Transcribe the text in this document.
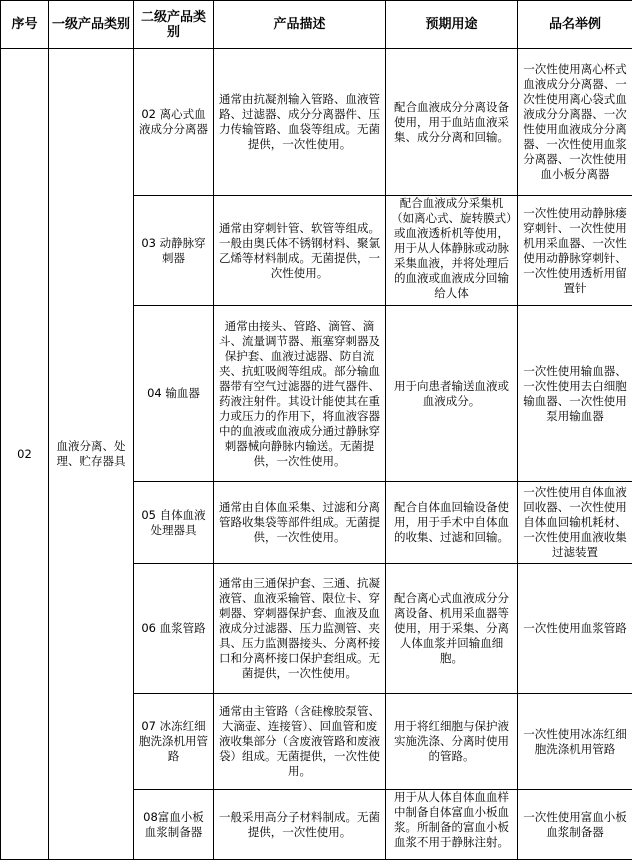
序号	一级产品类别	二级产品类别	产品描述	预期用途	品名举例
02	血液分离、处理、贮存器具	02 离心式血液成分分离器	通常由抗凝剂输入管路、血液管路、过滤器、成分分离器件、压力传输管路、血袋等组成。无菌提供，一次性使用。	配合血液成分分离设备使用，用于血站血液采集、成分分离和回输。	一次性使用离心杯式血液成分分离器、一次性使用离心袋式血液成分分离器、一次性使用血液成分分离器、一次性使用血浆分离器、一次性使用血小板分离器
		03 动静脉穿刺器	通常由穿刺针管、软管等组成。一般由奥氏体不锈钢材料、聚氯乙烯等材料制成。无菌提供，一次性使用。	配合血液成分采集机（如离心式、旋转膜式）或血液透析机等使用，用于从人体静脉或动脉采集血液，并将处理后的血液或血液成分回输给人体	一次性使用动静脉瘘穿刺针、一次性使用机用采血器、一次性使用动静脉穿刺针、一次性使用透析用留置针
		04 输血器	通常由接头、管路、滴管、滴斗、流量调节器、瓶塞穿刺器及保护套、血液过滤器、防自流夹、抗虹吸阀等组成。部分输血器带有空气过滤器的进气器件、药液注射件。其设计能使其在重力或压力的作用下，将血液容器中的血液或血液成分通过静脉穿刺器械向静脉内输送。无菌提供，一次性使用。	用于向患者输送血液或血液成分。	一次性使用输血器、一次性使用去白细胞输血器、一次性使用泵用输血器
		05 自体血液处理器具	通常由自体血采集、过滤和分离管路收集袋等部件组成。无菌提供，一次性使用。	配合自体血回输设备使用，用于手术中自体血的收集、过滤和回输。	一次性使用自体血液回收器、一次性使用自体血回输机耗材、一次性使用血液收集过滤装置
		06 血浆管路	通常由三通保护套、三通、抗凝液管、血液采输管、限位卡、穿刺器、穿刺器保护套、血液及血液成分过滤器、压力监测管、夹具、压力监测器接头、分离杯接口和分离杯接口保护套组成。无菌提供，一次性使用。	配合离心式血液成分分离设备、机用采血器等使用，用于采集、分离人体血浆并回输血细胞。	一次性使用血浆管路
		07 冰冻红细胞洗涤机用管路	通常由主管路（含硅橡胶泵管、大滴壶、连接管）、回血管和废液收集部分（含废液管路和废液袋）组成。无菌提供，一次性使用。	用于将红细胞与保护液实施洗涤、分离时使用的管路。	一次性使用冰冻红细胞洗涤机用管路
		08富血小板血浆制备器	一般采用高分子材料制成。无菌提供，一次性使用。	用于从人体自体血血样中制备自体富血小板血浆。所制备的富血小板血浆不用于静脉注射。	一次性使用富血小板血浆制备器
